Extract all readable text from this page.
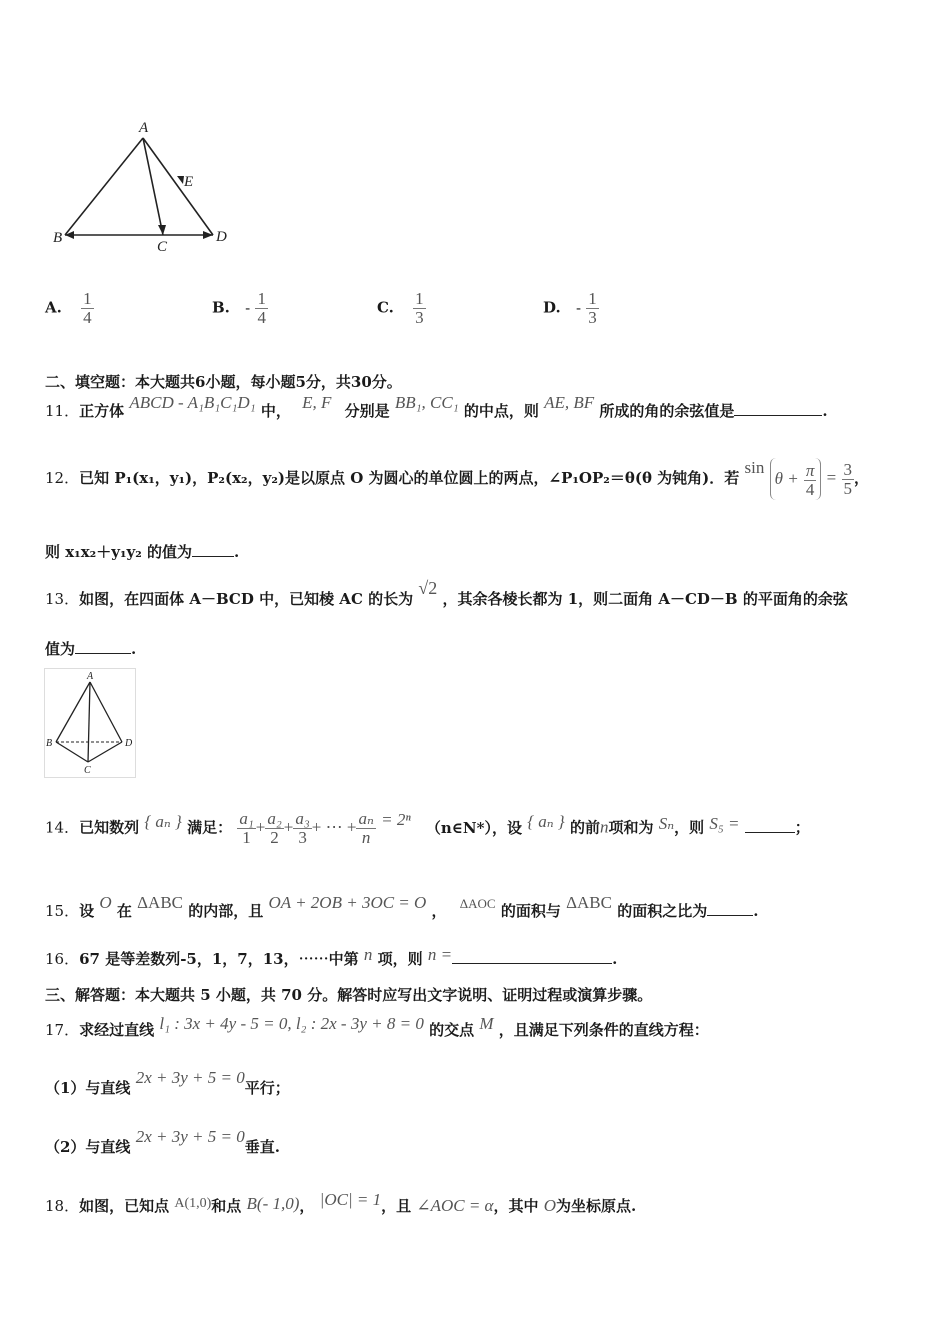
A
B
C
D
E
A. $\frac{1}{4}$	B. - $\frac{1}{4}$	C. $\frac{1}{3}$	D. - $\frac{1}{3}$
二、填空题：本大题共6小题，每小题5分，共30分。
11．正方体 ABCD - A₁B₁C₁D₁ 中， E, F 分别是 BB₁, CC₁ 的中点，则 AE, BF 所成的角的余弦值是	.
12．已知 P₁(x₁，y₁)，P₂(x₂，y₂)是以原点 O 为圆心的单位圆上的两点，∠P₁OP₂＝θ(θ 为钝角)．若 $\sin \theta + \frac{\pi}{4} = \frac{3}{5}$ ，
则 x₁x₂＋y₁y₂ 的值为	.
13．如图，在四面体 A－BCD 中，已知棱 AC 的长为 √2 ，其余各棱长都为 1，则二面角 A－CD－B 的平面角的余弦
值为	.
A
B
C
D
14．已知数列 { aₙ } 满足： $\frac{\text{a₁}}{1} + \frac{\text{a₂}}{2} + \frac{\text{a₃}}{3}$ + ⋯ + $\frac{\text{aₙ}}{n} = 2^n$ （n∈N*），设 { aₙ } 的前n项和为 Sₙ，则 S₅ =	；
15．设 O 在 ΔABC 的内部，且 OA + 2OB + 3OC = O ， ΔAOC 的面积与 ΔABC 的面积之比为	.
16．67 是等差数列-5，1，7，13，⋯⋯中第 n 项，则 n =	.
三、解答题：本大题共 5 小题，共 70 分。解答时应写出文字说明、证明过程或演算步骤。
17．求经过直线 l₁ : 3x + 4y - 5 = 0, l₂ : 2x - 3y + 8 = 0 的交点 M ，且满足下列条件的直线方程：
（1）与直线 2x + 3y + 5 = 0平行；
（2）与直线 2x + 3y + 5 = 0垂直.
18．如图，已知点 A(1,0)和点 B(- 1,0)， |OC| = 1，且 ∠AOC = α，其中 O为坐标原点.
